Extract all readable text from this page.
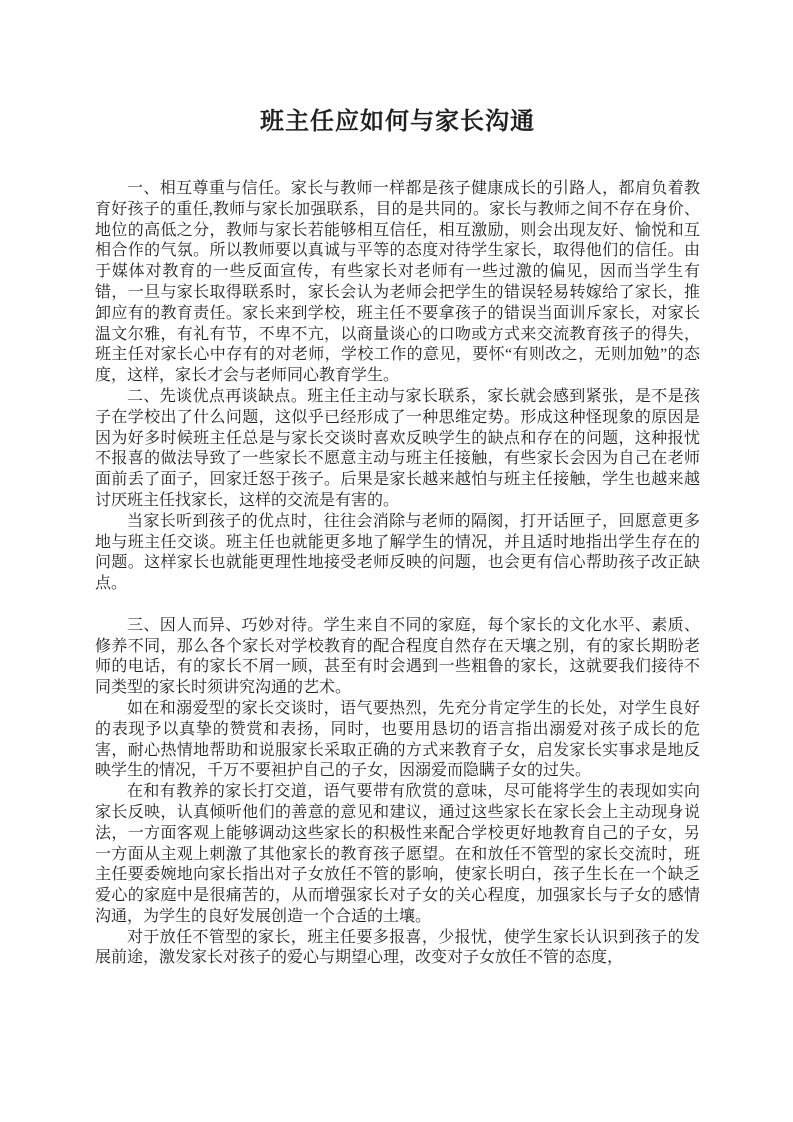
班主任应如何与家长沟通

一、相互尊重与信任。家长与教师一样都是孩子健康成长的引路人，都肩负着教育好孩子的重任,教师与家长加强联系，目的是共同的。家长与教师之间不存在身价、地位的高低之分，教师与家长若能够相互信任，相互激励，则会出现友好、愉悦和互相合作的气氛。所以教师要以真诚与平等的态度对待学生家长，取得他们的信任。由于媒体对教育的一些反面宣传，有些家长对老师有一些过激的偏见，因而当学生有错，一旦与家长取得联系时，家长会认为老师会把学生的错误轻易转嫁给了家长，推卸应有的教育责任。家长来到学校，班主任不要拿孩子的错误当面训斥家长，对家长温文尔雅，有礼有节，不卑不亢，以商量谈心的口吻或方式来交流教育孩子的得失，班主任对家长心中存有的对老师，学校工作的意见，要怀“有则改之，无则加勉”的态度，这样，家长才会与老师同心教育学生。

二、先谈优点再谈缺点。班主任主动与家长联系，家长就会感到紧张，是不是孩子在学校出了什么问题，这似乎已经形成了一种思维定势。形成这种怪现象的原因是因为好多时候班主任总是与家长交谈时喜欢反映学生的缺点和存在的问题，这种报忧不报喜的做法导致了一些家长不愿意主动与班主任接触，有些家长会因为自己在老师面前丢了面子，回家迁怒于孩子。后果是家长越来越怕与班主任接触，学生也越来越讨厌班主任找家长，这样的交流是有害的。

当家长听到孩子的优点时，往往会消除与老师的隔阂，打开话匣子，回愿意更多地与班主任交谈。班主任也就能更多地了解学生的情况，并且适时地指出学生存在的问题。这样家长也就能更理性地接受老师反映的问题，也会更有信心帮助孩子改正缺点。

三、因人而异、巧妙对待。学生来自不同的家庭，每个家长的文化水平、素质、修养不同，那么各个家长对学校教育的配合程度自然存在天壤之别，有的家长期盼老师的电话，有的家长不屑一顾，甚至有时会遇到一些粗鲁的家长，这就要我们接待不同类型的家长时须讲究沟通的艺术。

如在和溺爱型的家长交谈时，语气要热烈，先充分肯定学生的长处，对学生良好的表现予以真挚的赞赏和表扬，同时，也要用恳切的语言指出溺爱对孩子成长的危害，耐心热情地帮助和说服家长采取正确的方式来教育子女，启发家长实事求是地反映学生的情况，千万不要袒护自己的子女，因溺爱而隐瞒子女的过失。

在和有教养的家长打交道，语气要带有欣赏的意味，尽可能将学生的表现如实向家长反映，认真倾听他们的善意的意见和建议，通过这些家长在家长会上主动现身说法，一方面客观上能够调动这些家长的积极性来配合学校更好地教育自己的子女，另一方面从主观上刺激了其他家长的教育孩子愿望。在和放任不管型的家长交流时，班主任要委婉地向家长指出对子女放任不管的影响，使家长明白，孩子生长在一个缺乏爱心的家庭中是很痛苦的，从而增强家长对子女的关心程度，加强家长与子女的感情沟通，为学生的良好发展创造一个合适的土壤。

对于放任不管型的家长，班主任要多报喜，少报忧，使学生家长认识到孩子的发展前途，激发家长对孩子的爱心与期望心理，改变对子女放任不管的态度，
